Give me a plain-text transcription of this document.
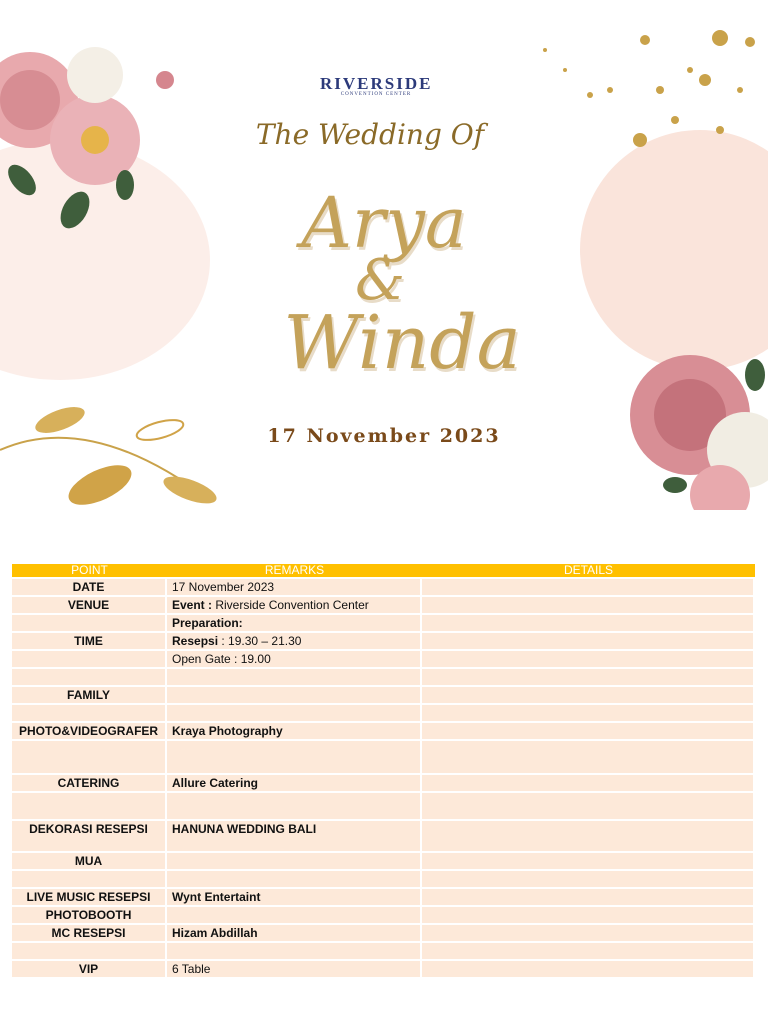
RIVERSIDE
CONVENTION CENTER
The Wedding Of
Arya
&
Winda
17 November 2023
POINT	REMARKS	DETAILS
DATE	17 November 2023	
VENUE	Event : Riverside Convention Center	
	Preparation:	
TIME	Resepsi : 19.30 – 21.30	
	Open Gate : 19.00	

FAMILY		

PHOTO&VIDEOGRAFER	Kraya Photography	

CATERING	Allure Catering	

DEKORASI RESEPSI	HANUNA WEDDING BALI	
MUA		

LIVE MUSIC RESEPSI	Wynt Entertaint	
PHOTOBOOTH		
MC RESEPSI	Hizam Abdillah	

VIP	6 Table	
